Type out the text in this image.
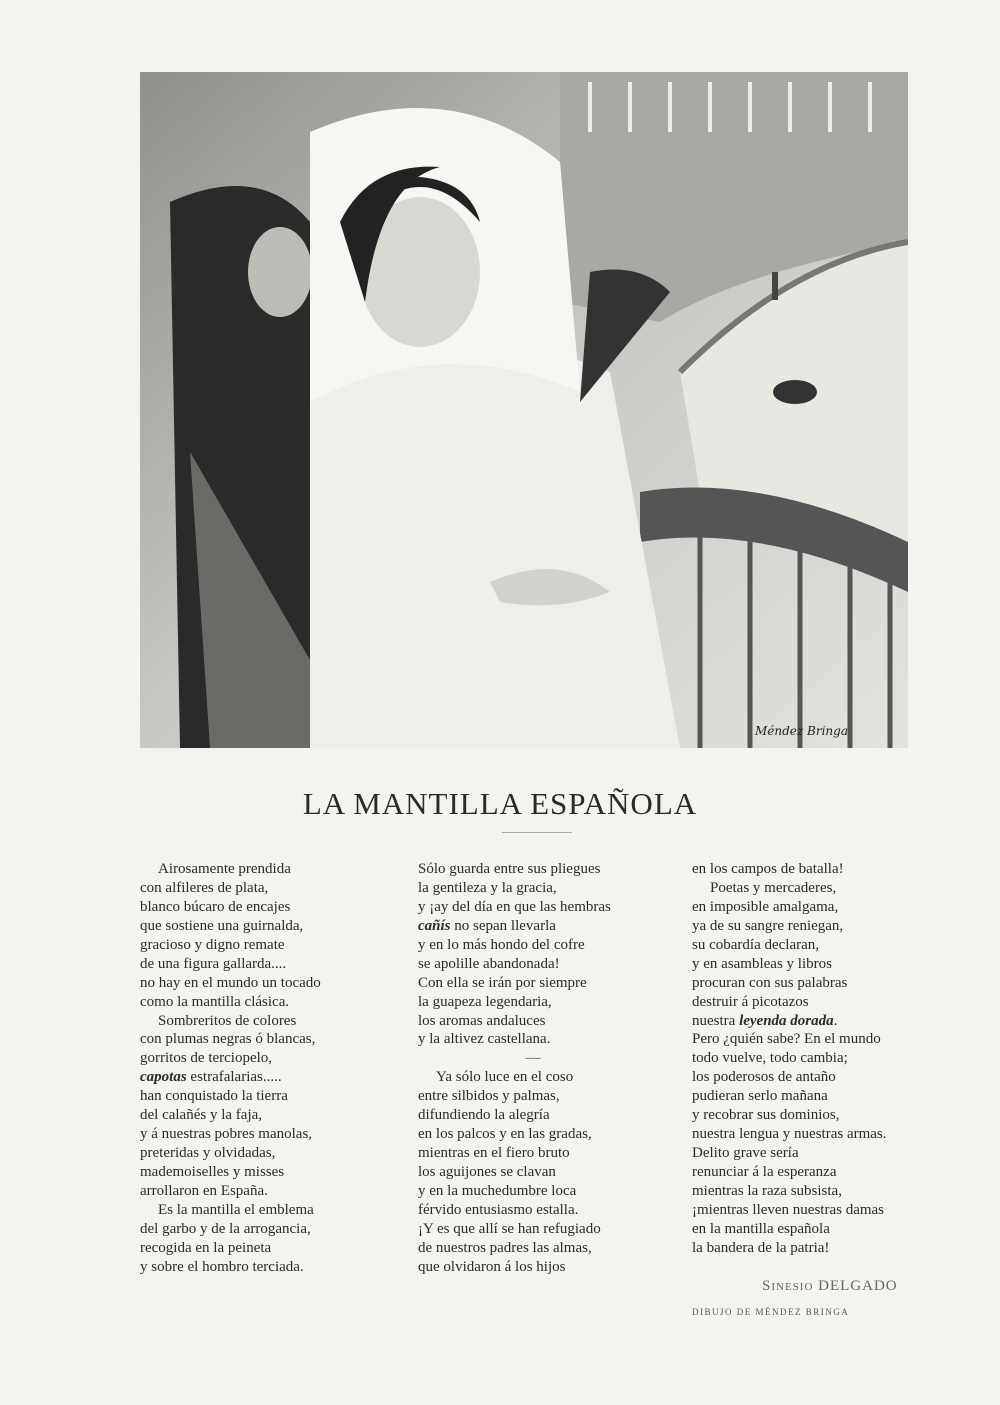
Méndez Bringa
LA MANTILLA ESPAÑOLA
Airosamente prendida
con alfileres de plata,
blanco búcaro de encajes
que sostiene una guirnalda,
gracioso y digno remate
de una figura gallarda....
no hay en el mundo un tocado
como la mantilla clásica.
Sombreritos de colores
con plumas negras ó blancas,
gorritos de terciopelo,
capotas estrafalarias.....
han conquistado la tierra
del calañés y la faja,
y á nuestras pobres manolas,
preteridas y olvidadas,
mademoiselles y misses
arrollaron en España.
Es la mantilla el emblema
del garbo y de la arrogancia,
recogida en la peineta
y sobre el hombro terciada.
Sólo guarda entre sus pliegues
la gentileza y la gracia,
y ¡ay del día en que las hembras
cañís no sepan llevarla
y en lo más hondo del cofre
se apolille abandonada!
Con ella se irán por siempre
la guapeza legendaria,
los aromas andaluces
y la altivez castellana.
—
Ya sólo luce en el coso
entre silbidos y palmas,
difundiendo la alegría
en los palcos y en las gradas,
mientras en el fiero bruto
los aguijones se clavan
y en la muchedumbre loca
férvido entusiasmo estalla.
¡Y es que allí se han refugiado
de nuestros padres las almas,
que olvidaron á los hijos
en los campos de batalla!
Poetas y mercaderes,
en imposible amalgama,
ya de su sangre reniegan,
su cobardía declaran,
y en asambleas y libros
procuran con sus palabras
destruir á picotazos
nuestra leyenda dorada.
Pero ¿quién sabe? En el mundo
todo vuelve, todo cambia;
los poderosos de antaño
pudieran serlo mañana
y recobrar sus dominios,
nuestra lengua y nuestras armas.
Delito grave sería
renunciar á la esperanza
mientras la raza subsista,
¡mientras lleven nuestras damas
en la mantilla española
la bandera de la patria!
Sinesio DELGADO
DIBUJO DE MÉNDEZ BRINGA
